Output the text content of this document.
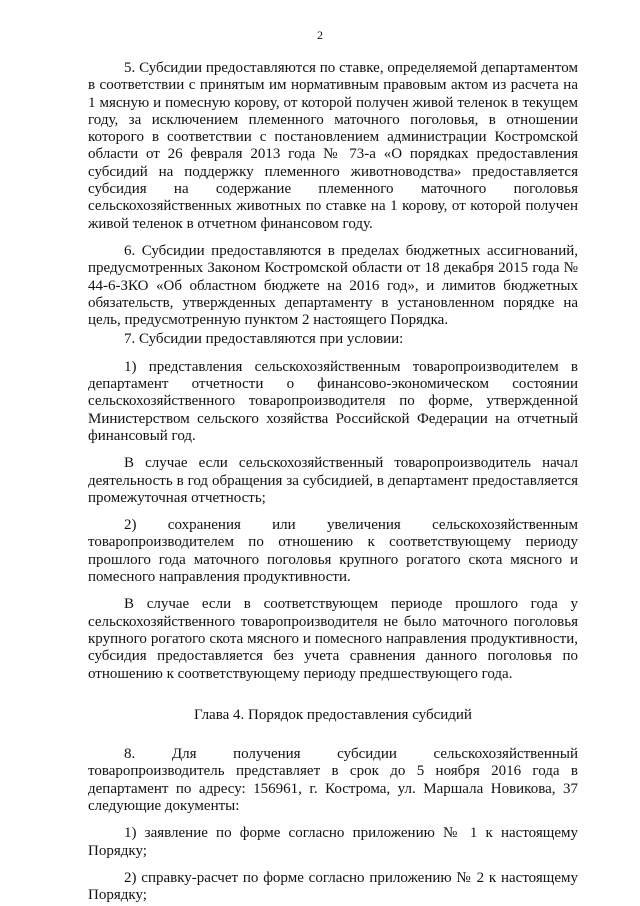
2

5. Субсидии предоставляются по ставке, определяемой департаментом в соответствии с принятым им нормативным правовым актом из расчета на 1 мясную и помесную корову, от которой получен живой теленок в текущем году, за исключением племенного маточного поголовья, в отношении которого в соответствии с постановлением администрации Костромской области от 26 февраля 2013 года № 73-а «О порядках предоставления субсидий на поддержку племенного животноводства» предоставляется субсидия на содержание племенного маточного поголовья сельскохозяйственных животных по ставке на 1 корову, от которой получен живой теленок в отчетном финансовом году.

6. Субсидии предоставляются в пределах бюджетных ассигнований, предусмотренных Законом Костромской области от 18 декабря 2015 года № 44-6-ЗКО «Об областном бюджете на 2016 год», и лимитов бюджетных обязательств, утвержденных департаменту в установленном порядке на цель, предусмотренную пунктом 2 настоящего Порядка.

7. Субсидии предоставляются при условии:

1) представления сельскохозяйственным товаропроизводителем в департамент отчетности о финансово-экономическом состоянии сельскохозяйственного товаропроизводителя по форме, утвержденной Министерством сельского хозяйства Российской Федерации на отчетный финансовый год.

В случае если сельскохозяйственный товаропроизводитель начал деятельность в год обращения за субсидией, в департамент предоставляется промежуточная отчетность;

2) сохранения или увеличения сельскохозяйственным товаропроизводителем по отношению к соответствующему периоду прошлого года маточного поголовья крупного рогатого скота мясного и помесного направления продуктивности.

В случае если в соответствующем периоде прошлого года у сельскохозяйственного товаропроизводителя не было маточного поголовья крупного рогатого скота мясного и помесного направления продуктивности, субсидия предоставляется без учета сравнения данного поголовья по отношению к соответствующему периоду предшествующего года.

Глава 4. Порядок предоставления субсидий

8. Для получения субсидии сельскохозяйственный товаропроизводитель представляет в срок до 5 ноября 2016 года в департамент по адресу: 156961, г. Кострома, ул. Маршала Новикова, 37 следующие документы:

1) заявление по форме согласно приложению № 1 к настоящему Порядку;

2) справку-расчет по форме согласно приложению № 2 к настоящему Порядку;
